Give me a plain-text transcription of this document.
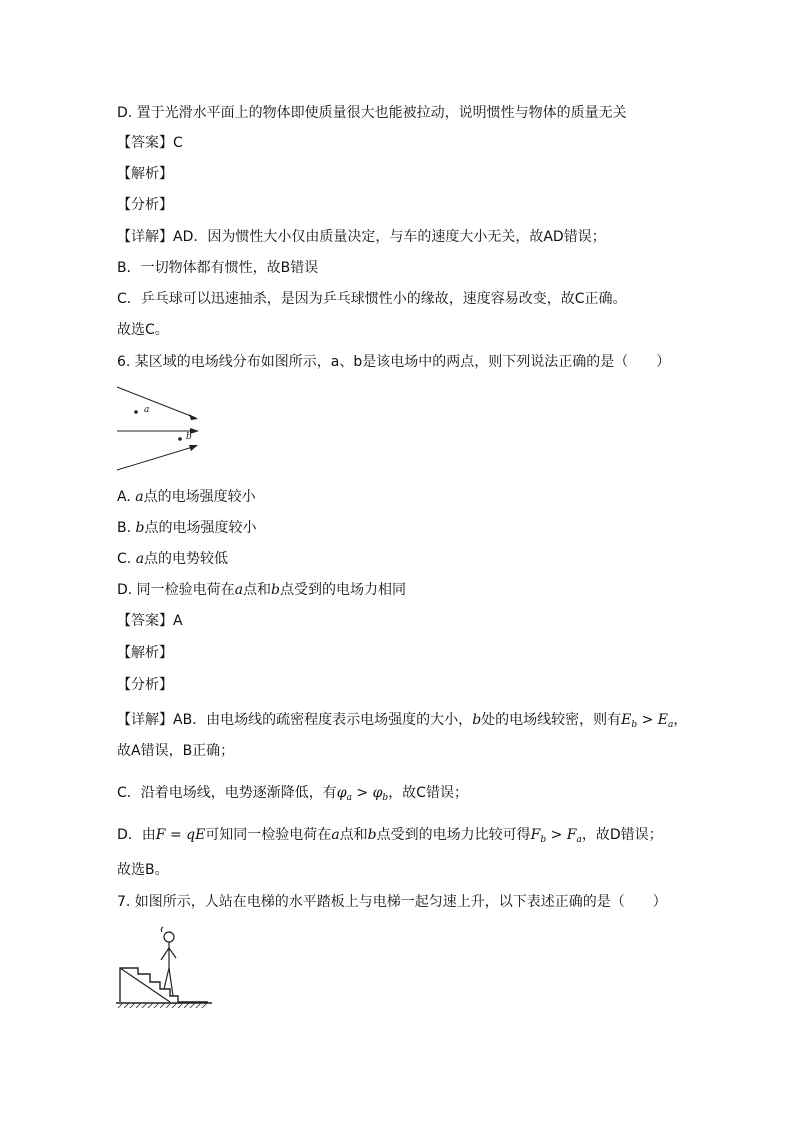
D. 置于光滑水平面上的物体即使质量很大也能被拉动，说明惯性与物体的质量无关
【答案】C
【解析】
【分析】
【详解】AD．因为惯性大小仅由质量决定，与车的速度大小无关，故AD错误；
B．一切物体都有惯性，故B错误
C．乒乓球可以迅速抽杀，是因为乒乓球惯性小的缘故，速度容易改变，故C正确。
故选C。
6. 某区域的电场线分布如图所示，a、b是该电场中的两点，则下列说法正确的是（　　）
a
b
A. a点的电场强度较小
B. b点的电场强度较小
C. a点的电势较低
D. 同一检验电荷在a点和b点受到的电场力相同
【答案】A
【解析】
【分析】
【详解】AB．由电场线的疏密程度表示电场强度的大小，b处的电场线较密，则有$E_b > E_a$，
故A错误，B正确；
C．沿着电场线，电势逐渐降低，有$\varphi_a > \varphi_b$，故C错误；
D．由F = qE可知同一检验电荷在a点和b点受到的电场力比较可得$F_b > F_a$，故D错误；
故选B。
7. 如图所示，人站在电梯的水平踏板上与电梯一起匀速上升，以下表述正确的是（　　）
